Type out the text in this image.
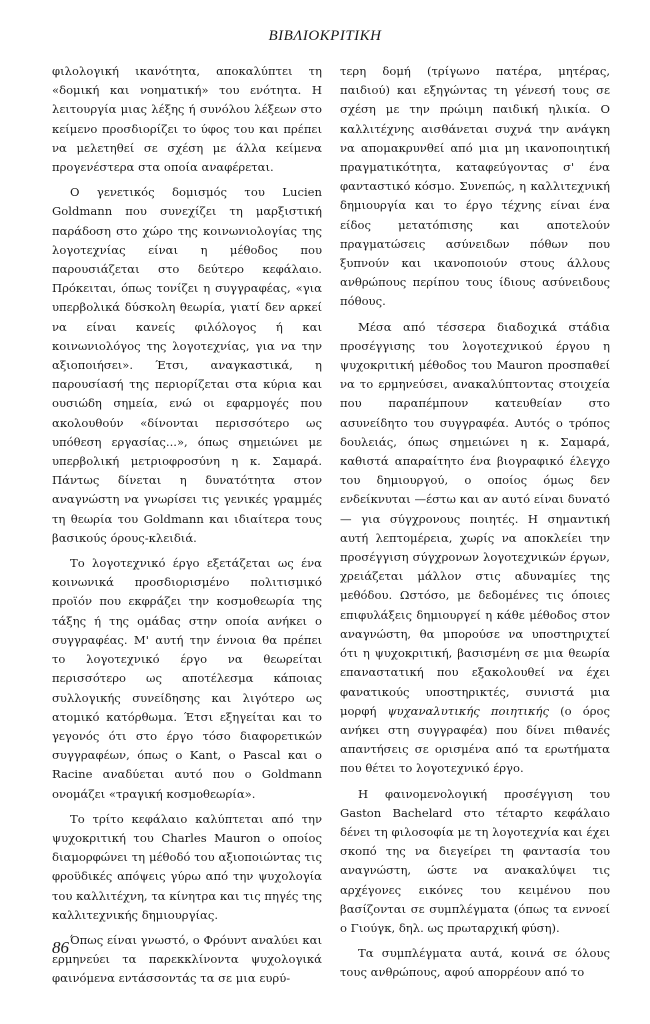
ΒΙΒΛΙΟΚΡΙΤΙΚΗ

φιλολογική ικανότητα, αποκαλύπτει τη «δομική και νοηματική» του ενότητα. Η λειτουργία μιας λέξης ή συνόλου λέξεων στο κείμενο προσδιορίζει το ύφος του και πρέπει να μελετηθεί σε σχέση με άλλα κείμενα προγενέστερα στα οποία αναφέρεται.

Ο γενετικός δομισμός του Lucien Goldmann που συνεχίζει τη μαρξιστική παράδοση στο χώρο της κοινωνιολογίας της λογοτεχνίας είναι η μέθοδος που παρουσιάζεται στο δεύτερο κεφάλαιο. Πρόκειται, όπως τονίζει η συγγραφέας, «για υπερβολικά δύσκολη θεωρία, γιατί δεν αρκεί να είναι κανείς φιλόλογος ή και κοινωνιολόγος της λογοτεχνίας, για να την αξιοποιήσει». Έτσι, αναγκαστικά, η παρουσίασή της περιορίζεται στα κύρια και ουσιώδη σημεία, ενώ οι εφαρμογές που ακολουθούν «δίνονται περισσότερο ως υπόθεση εργασίας...», όπως σημειώνει με υπερβολική μετριοφροσύνη η κ. Σαμαρά. Πάντως δίνεται η δυνατότητα στον αναγνώστη να γνωρίσει τις γενικές γραμμές τη θεωρία του Goldmann και ιδιαίτερα τους βασικούς όρους-κλειδιά.

Το λογοτεχνικό έργο εξετάζεται ως ένα κοινωνικά προσδιορισμένο πολιτισμικό προϊόν που εκφράζει την κοσμοθεωρία της τάξης ή της ομάδας στην οποία ανήκει ο συγγραφέας. Μ' αυτή την έννοια θα πρέπει το λογοτεχνικό έργο να θεωρείται περισσότερο ως αποτέλεσμα κάποιας συλλογικής συνείδησης και λιγότερο ως ατομικό κατόρθωμα. Έτσι εξηγείται και το γεγονός ότι στο έργο τόσο διαφορετικών συγγραφέων, όπως ο Kant, ο Pascal και ο Racine αναδύεται αυτό που ο Goldmann ονομάζει «τραγική κοσμοθεωρία».

Το τρίτο κεφάλαιο καλύπτεται από την ψυχοκριτική του Charles Mauron ο οποίος διαμορφώνει τη μέθοδό του αξιοποιώντας τις φροϋδικές απόψεις γύρω από την ψυχολογία του καλλιτέχνη, τα κίνητρα και τις πηγές της καλλιτεχνικής δημιουργίας.

Όπως είναι γνωστό, ο Φρόυντ αναλύει και ερμηνεύει τα παρεκκλίνοντα ψυχολογικά φαινόμενα εντάσσοντάς τα σε μια ευρύ-

τερη δομή (τρίγωνο πατέρα, μητέρας, παιδιού) και εξηγώντας τη γένεσή τους σε σχέση με την πρώιμη παιδική ηλικία. Ο καλλιτέχνης αισθάνεται συχνά την ανάγκη να απομακρυνθεί από μια μη ικανοποιητική πραγματικότητα, καταφεύγοντας σ' ένα φανταστικό κόσμο. Συνεπώς, η καλλιτεχνική δημιουργία και το έργο τέχνης είναι ένα είδος μετατόπισης και αποτελούν πραγματώσεις ασύνειδων πόθων που ξυπνούν και ικανοποιούν στους άλλους ανθρώπους περίπου τους ίδιους ασύνειδους πόθους.

Μέσα από τέσσερα διαδοχικά στάδια προσέγγισης του λογοτεχνικού έργου η ψυχοκριτική μέθοδος του Mauron προσπαθεί να το ερμηνεύσει, ανακαλύπτοντας στοιχεία που παραπέμπουν κατευθείαν στο ασυνείδητο του συγγραφέα. Αυτός ο τρόπος δουλειάς, όπως σημειώνει η κ. Σαμαρά, καθιστά απαραίτητο ένα βιογραφικό έλεγχο του δημιουργού, ο οποίος όμως δεν ενδείκνυται —έστω και αν αυτό είναι δυνατό— για σύγχρονους ποιητές. Η σημαντική αυτή λεπτομέρεια, χωρίς να αποκλείει την προσέγγιση σύγχρονων λογοτεχνικών έργων, χρειάζεται μάλλον στις αδυναμίες της μεθόδου. Ωστόσο, με δεδομένες τις όποιες επιφυλάξεις δημιουργεί η κάθε μέθοδος στον αναγνώστη, θα μπορούσε να υποστηριχτεί ότι η ψυχοκριτική, βασισμένη σε μια θεωρία επαναστατική που εξακολουθεί να έχει φανατικούς υποστηρικτές, συνιστά μια μορφή ψυχαναλυτικής ποιητικής (ο όρος ανήκει στη συγγραφέα) που δίνει πιθανές απαντήσεις σε ορισμένα από τα ερωτήματα που θέτει το λογοτεχνικό έργο.

Η φαινομενολογική προσέγγιση του Gaston Bachelard στο τέταρτο κεφάλαιο δένει τη φιλοσοφία με τη λογοτεχνία και έχει σκοπό της να διεγείρει τη φαντασία του αναγνώστη, ώστε να ανακαλύψει τις αρχέγονες εικόνες του κειμένου που βασίζονται σε συμπλέγματα (όπως τα εννοεί ο Γιούγκ, δηλ. ως πρωταρχική φύση).

Τα συμπλέγματα αυτά, κοινά σε όλους τους ανθρώπους, αφού απορρέουν από το

86
